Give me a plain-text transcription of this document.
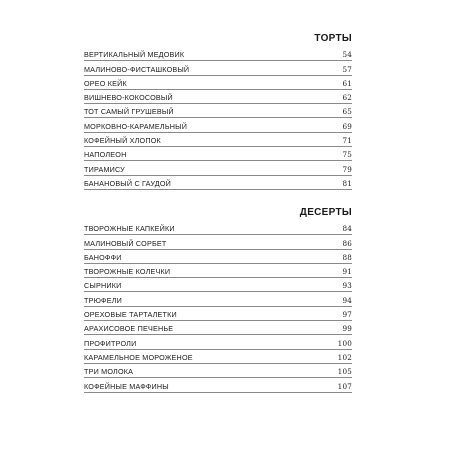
ТОРТЫ
ВЕРТИКАЛЬНЫЙ МЕДОВИК	54
МАЛИНОВО-ФИСТАШКОВЫЙ	57
ОРЕО КЕЙК	61
ВИШНЕВО-КОКОСОВЫЙ	62
ТОТ САМЫЙ ГРУШЕВЫЙ	65
МОРКОВНО-КАРАМЕЛЬНЫЙ	69
КОФЕЙНЫЙ ХЛОПОК	71
НАПОЛЕОН	75
ТИРАМИСУ	79
БАНАНОВЫЙ С ГАУДОЙ	81
ДЕСЕРТЫ
ТВОРОЖНЫЕ КАПКЕЙКИ	84
МАЛИНОВЫЙ СОРБЕТ	86
БАНОФФИ	88
ТВОРОЖНЫЕ КОЛЕЧКИ	91
СЫРНИКИ	93
ТРЮФЕЛИ	94
ОРЕХОВЫЕ ТАРТАЛЕТКИ	97
АРАХИСОВОЕ ПЕЧЕНЬЕ	99
ПРОФИТРОЛИ	100
КАРАМЕЛЬНОЕ МОРОЖЕНОЕ	102
ТРИ МОЛОКА	105
КОФЕЙНЫЕ МАФФИНЫ	107
